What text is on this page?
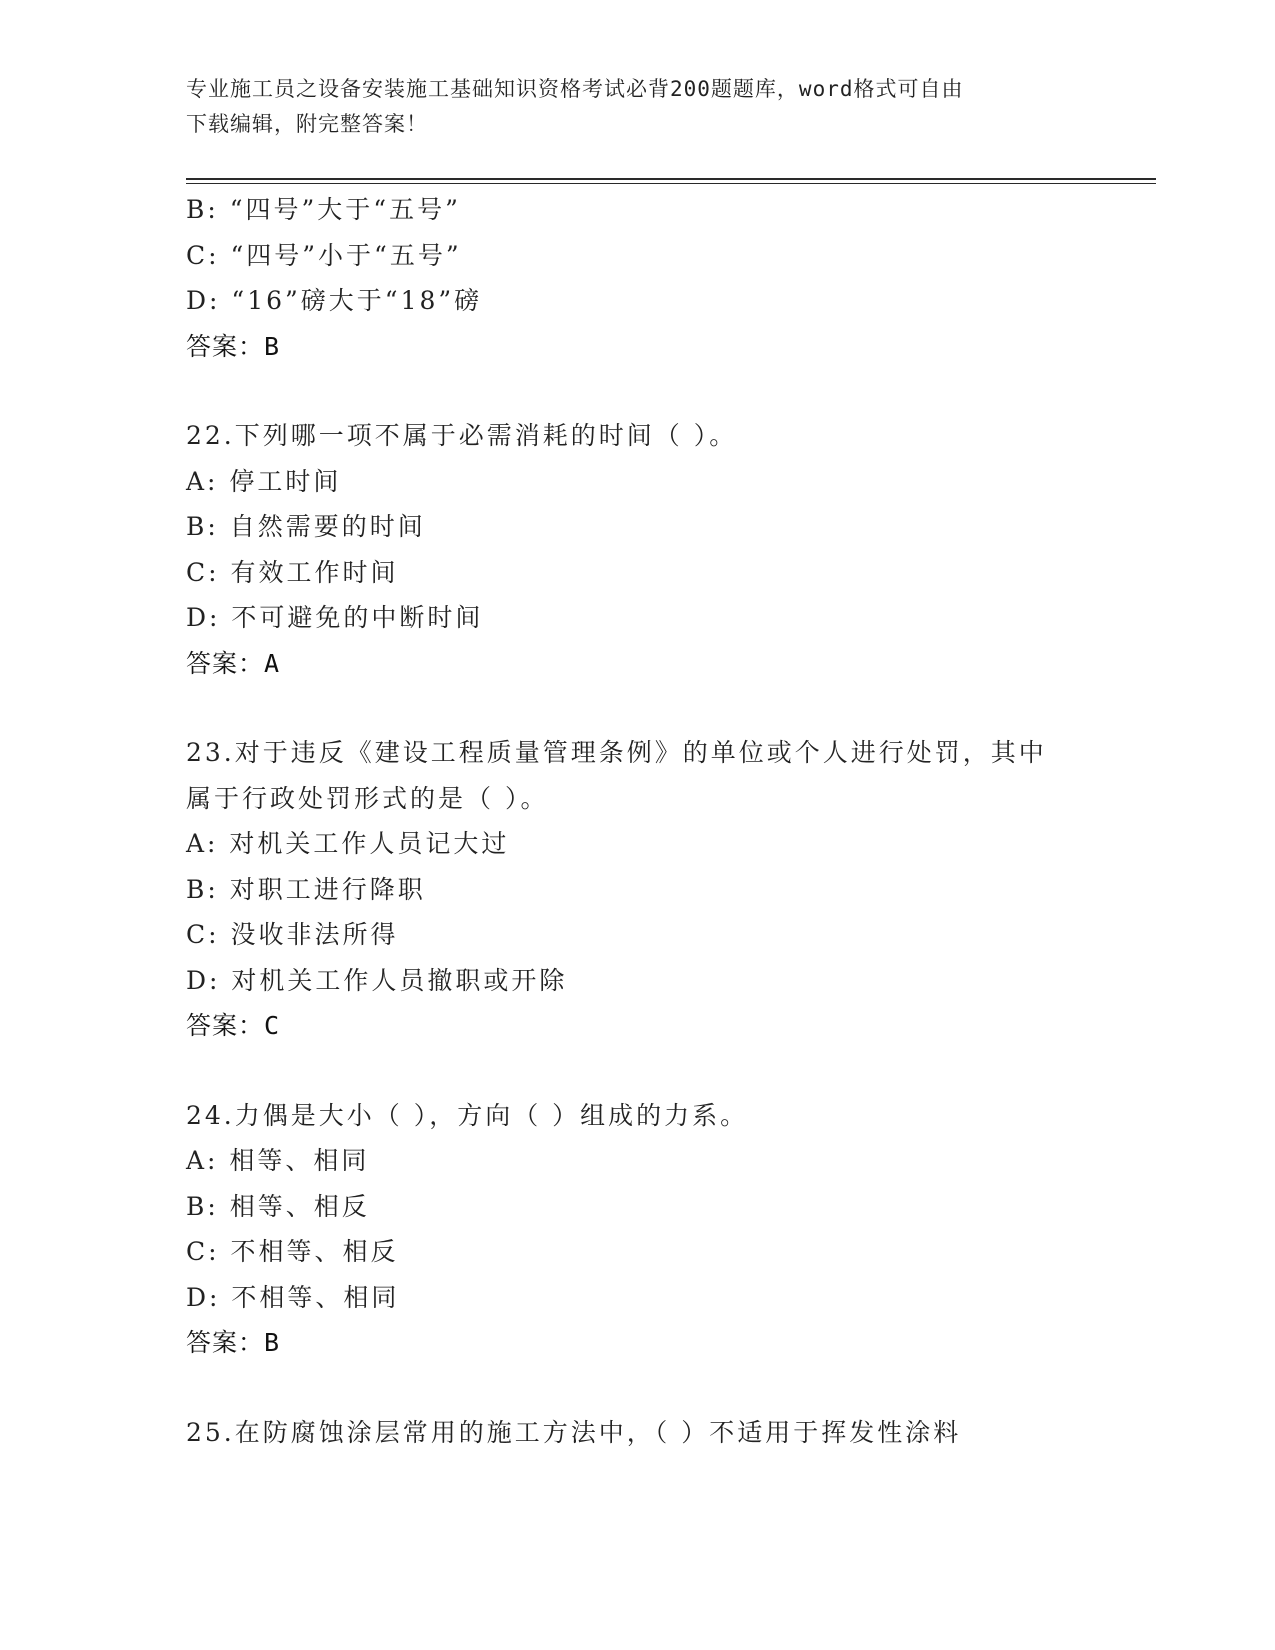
专业施工员之设备安装施工基础知识资格考试必背200题题库，word格式可自由
下载编辑，附完整答案！
B: “四号”大于“五号”
C: “四号”小于“五号”
D: “16”磅大于“18”磅
答案：B
22.下列哪一项不属于必需消耗的时间（ ）。
A: 停工时间
B: 自然需要的时间
C: 有效工作时间
D: 不可避免的中断时间
答案：A
23.对于违反《建设工程质量管理条例》的单位或个人进行处罚，其中
属于行政处罚形式的是（ ）。
A: 对机关工作人员记大过
B: 对职工进行降职
C: 没收非法所得
D: 对机关工作人员撤职或开除
答案：C
24.力偶是大小（ ），方向（ ）组成的力系。
A: 相等、相同
B: 相等、相反
C: 不相等、相反
D: 不相等、相同
答案：B
25.在防腐蚀涂层常用的施工方法中，（ ）不适用于挥发性涂料
